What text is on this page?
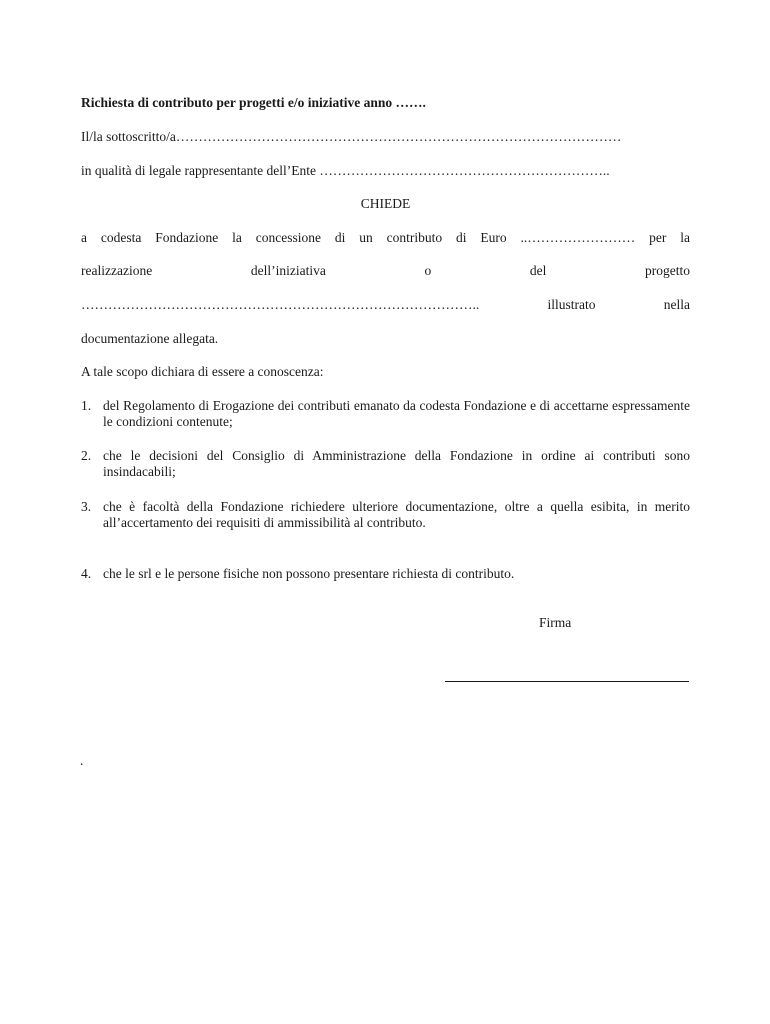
Richiesta di contributo per progetti e/o iniziative anno …….
Il/la sottoscritto/a………………………………………………………………………………………
in qualità di legale rappresentante dell’Ente ………………………………………………………..
CHIEDE
a codesta Fondazione la concessione di un contributo di Euro ..…………………… per la
realizzazione	dell’iniziativa	o	del	progetto
……………………………………………………………………………..	illustrato	nella
documentazione allegata.
A tale scopo dichiara di essere a conoscenza:
1. del Regolamento di Erogazione dei contributi emanato da codesta Fondazione e di accettarne espressamente le condizioni contenute;
2. che le decisioni del Consiglio di Amministrazione della Fondazione in ordine ai contributi sono insindacabili;
3. che è facoltà della Fondazione richiedere ulteriore documentazione, oltre a quella esibita, in merito all’accertamento dei requisiti di ammissibilità al contributo.
4. che le srl e le persone fisiche non possono presentare richiesta di contributo.
Firma
.
